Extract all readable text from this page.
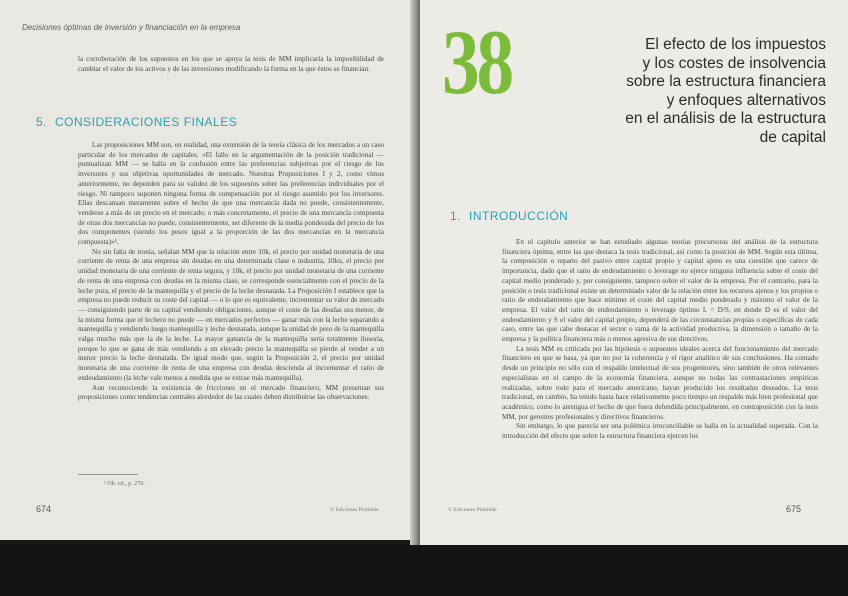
Decisiones óptimas de inversión y financiación en la empresa

la corroboración de los supuestos en los que se apoya la tesis de MM implicaría la imposibilidad de cambiar el valor de los activos y de las inversiones modificando la forma en la que éstos se financian.

5. CONSIDERACIONES FINALES

Las proposiciones MM son, en realidad, una extensión de la teoría clásica de los mercados a un caso particular de los mercados de capitales. «El fallo en la argumentación de la posición tradicional — puntualizan MM — se halla en la confusión entre las preferencias subjetivas por el riesgo de los inversores y sus objetivas oportunidades de mercado. Nuestras Proposiciones I y 2, como vimos anteriormente, no dependen para su validez de los supuestos sobre las preferencias individuales por el riesgo. Ni tampoco suponen ninguna forma de compensación por el riesgo asumido por los inversores. Ellas descansan meramente sobre el hecho de que una mercancía dada no puede, consistentemente, venderse a más de un precio en el mercado; o más concretamente, el precio de una mercancía compuesta de otras dos mercancías no puede, consistentemente, ser diferente de la media ponderada del precio de los dos componentes (siendo los pesos igual a la proporción de las dos mercancías en la mercancía compuesta)»¹.

No sin falta de ironía, señalan MM que la relación entre 10k, el precio por unidad monetaria de una corriente de renta de una empresa sin deudas en una determinada clase o industria, 10ku, el precio por unidad monetaria de una corriente de renta segura, y 10k, el precio por unidad monetaria de una corriente de renta de una empresa con deudas en la misma clase, se corresponde esencialmente con el precio de la leche pura, el precio de la mantequilla y el precio de la leche desnatada. La Proposición I establece que la empresa no puede reducir su coste del capital — o lo que es equivalente, incrementar su valor de mercado — consiguiendo parte de su capital vendiendo obligaciones, aunque el coste de las deudas sea menor, de la misma forma que el lechero no puede — en mercados perfectos — ganar más con la leche separando a mantequilla y vendiendo luego mantequilla y leche desnatada, aunque la unidad de peso de la mantequilla valga mucho más que la de la leche. La mayor ganancia de la mantequilla sería totalmente ilusoria, porque lo que se gana de más vendiendo a un elevado precio la mantequilla se pierde al vender a un menor precio la leche desnatada. De igual modo que, según la Proposición 2, el precio por unidad monetaria de una corriente de renta de una empresa con deudas descienda al incrementar el ratio de endeudamiento (la leche vale menos a medida que se extrae más mantequilla).

Aun reconociendo la existencia de fricciones en el mercado financiero, MM presentan sus proposiciones como tendencias centrales alrededor de las cuales deben distribuirse las observaciones.

¹ Ob. cit., p. 279.
674	© Ediciones Pirámide
38	El efecto de los impuestos
y los costes de insolvencia
sobre la estructura financiera
y enfoques alternativos
en el análisis de la estructura
de capital
1. INTRODUCCIÓN

En el capítulo anterior se han estudiado algunas teorías precursoras del análisis de la estructura financiera óptima, entre las que destaca la tesis tradicional, así como la posición de MM. Según esta última, la composición o reparto del pasivo entre capital propio y capital ajeno es una cuestión que carece de importancia, dado que el ratio de endeudamiento o leverage no ejerce ninguna influencia sobre el coste del capital medio ponderado y, por consiguiente, tampoco sobre el valor de la empresa. Por el contrario, para la posición o tesis tradicional existe un determinado valor de la relación entre los recursos ajenos y los propios o ratio de endeudamiento que hace mínimo el coste del capital medio ponderado y máximo el valor de la empresa. El valor del ratio de endeudamiento o leverage óptimo L = D/S, en donde D es el valor del endeudamiento y S el valor del capital propio, dependerá de las circunstancias propias o específicas de cada caso, entre las que cabe destacar el sector o rama de la actividad productiva, la dimensión o tamaño de la empresa y la política financiera más o menos agresiva de sus directivos.

La tesis MM es criticada por las hipótesis o supuestos ideales acerca del funcionamiento del mercado financiero en que se basa, ya que no por la coherencia y el rigor analítico de sus conclusiones. Ha contado desde un principio no sólo con el respaldo intelectual de sus progenitores, sino también de otros relevantes especialistas en el campo de la economía financiera, aunque no todas las contrastaciones empíricas realizadas, sobre todo para el mercado americano, hayan producido los resultados deseados. La tesis tradicional, en cambio, ha tenido hasta hace relativamente poco tiempo un respaldo más bien profesional que académico, como lo atestigua el hecho de que fuera defendida principalmente, en contraposición con la tesis MM, por gerentes profesionales y directivos financieros.

Sin embargo, lo que parecía ser una polémica irreconciliable se halla en la actualidad superada. Con la introducción del efecto que sobre la estructura financiera ejercen los

© Ediciones Pirámide	675
